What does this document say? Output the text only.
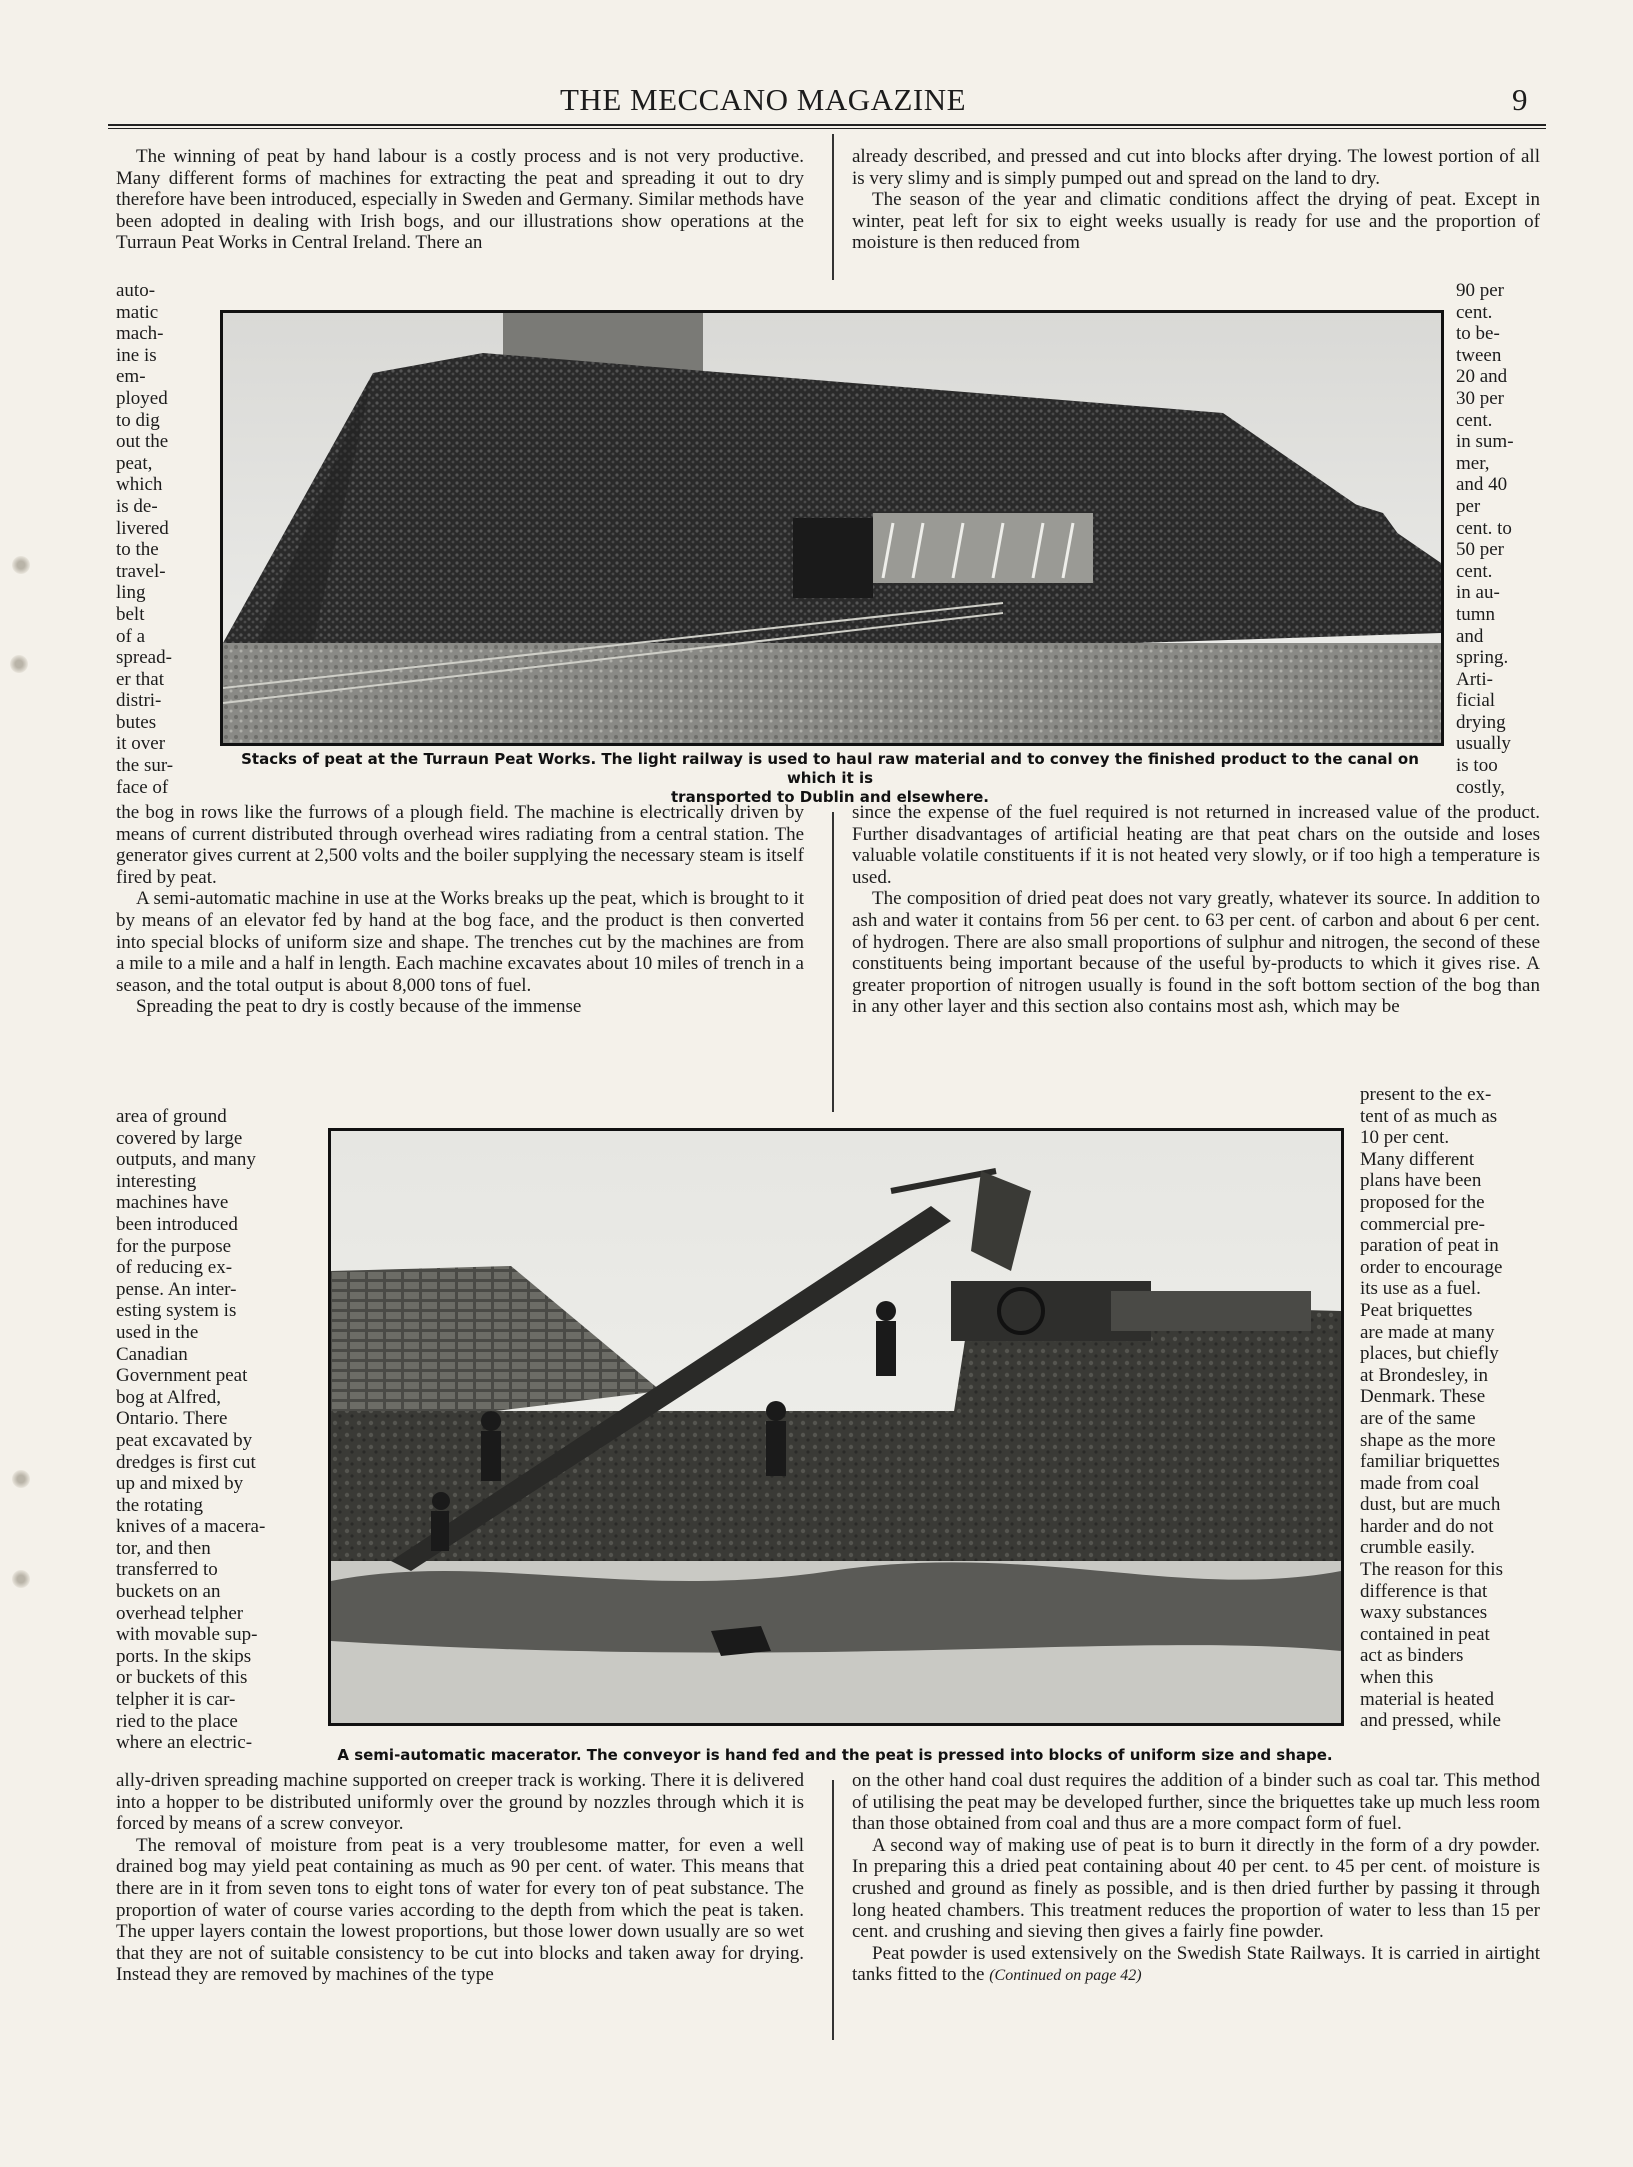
THE MECCANO MAGAZINE	9

The winning of peat by hand labour is a costly process and is not very productive. Many different forms of machines for extracting the peat and spreading it out to dry therefore have been introduced, especially in Sweden and Germany. Similar methods have been adopted in dealing with Irish bogs, and our illustrations show operations at the Turraun Peat Works in Central Ireland. There an

auto-
matic
mach-
ine is
em-
ployed
to dig
out the
peat,
which
is de-
livered
to the
travel-
ling
belt
of a
spread-
er that
distri-
butes
it over
the sur-
face of
Stacks of peat at the Turraun Peat Works. The light railway is used to haul raw material and to convey the finished product to the canal on which it is
transported to Dublin and elsewhere.

already described, and pressed and cut into blocks after drying. The lowest portion of all is very slimy and is simply pumped out and spread on the land to dry.

The season of the year and climatic conditions affect the drying of peat. Except in winter, peat left for six to eight weeks usually is ready for use and the proportion of moisture is then reduced from

90 per
cent.
to be-
tween
20 and
30 per
cent.
in sum-
mer,
and 40
per
cent. to
50 per
cent.
in au-
tumn
and
spring.
Arti-
ficial
drying
usually
is too
costly,

the bog in rows like the furrows of a plough field. The machine is electrically driven by means of current distributed through overhead wires radiating from a central station. The generator gives current at 2,500 volts and the boiler supplying the necessary steam is itself fired by peat.

A semi-automatic machine in use at the Works breaks up the peat, which is brought to it by means of an elevator fed by hand at the bog face, and the product is then converted into special blocks of uniform size and shape. The trenches cut by the machines are from a mile to a mile and a half in length. Each machine excavates about 10 miles of trench in a season, and the total output is about 8,000 tons of fuel.

Spreading the peat to dry is costly because of the immense

since the expense of the fuel required is not returned in increased value of the product. Further disadvantages of artificial heating are that peat chars on the outside and loses valuable volatile constituents if it is not heated very slowly, or if too high a temperature is used.

The composition of dried peat does not vary greatly, whatever its source. In addition to ash and water it contains from 56 per cent. to 63 per cent. of carbon and about 6 per cent. of hydrogen. There are also small proportions of sulphur and nitrogen, the second of these constituents being important because of the useful by-products to which it gives rise. A greater proportion of nitrogen usually is found in the soft bottom section of the bog than in any other layer and this section also contains most ash, which may be

area of ground
covered by large
outputs, and many
interesting
machines have
been introduced
for the purpose
of reducing ex-
pense. An inter-
esting system is
used in the
Canadian
Government peat
bog at Alfred,
Ontario. There
peat excavated by
dredges is first cut
up and mixed by
the rotating
knives of a macera-
tor, and then
transferred to
buckets on an
overhead telpher
with movable sup-
ports. In the skips
or buckets of this
telpher it is car-
ried to the place
where an electric-
present to the ex-
tent of as much as
10 per cent.
Many different
plans have been
proposed for the
commercial pre-
paration of peat in
order to encourage
its use as a fuel.
Peat briquettes
are made at many
places, but chiefly
at Brondesley, in
Denmark. These
are of the same
shape as the more
familiar briquettes
made from coal
dust, but are much
harder and do not
crumble easily.
The reason for this
difference is that
waxy substances
contained in peat
act as binders
when this
material is heated
and pressed, while
A semi-automatic macerator. The conveyor is hand fed and the peat is pressed into blocks of uniform size and shape.

ally-driven spreading machine supported on creeper track is working. There it is delivered into a hopper to be distributed uniformly over the ground by nozzles through which it is forced by means of a screw conveyor.

The removal of moisture from peat is a very troublesome matter, for even a well drained bog may yield peat containing as much as 90 per cent. of water. This means that there are in it from seven tons to eight tons of water for every ton of peat substance. The proportion of water of course varies according to the depth from which the peat is taken. The upper layers contain the lowest proportions, but those lower down usually are so wet that they are not of suitable consistency to be cut into blocks and taken away for drying. Instead they are removed by machines of the type

on the other hand coal dust requires the addition of a binder such as coal tar. This method of utilising the peat may be developed further, since the briquettes take up much less room than those obtained from coal and thus are a more compact form of fuel.

A second way of making use of peat is to burn it directly in the form of a dry powder. In preparing this a dried peat containing about 40 per cent. to 45 per cent. of moisture is crushed and ground as finely as possible, and is then dried further by passing it through long heated chambers. This treatment reduces the proportion of water to less than 15 per cent. and crushing and sieving then gives a fairly fine powder.

Peat powder is used extensively on the Swedish State Railways. It is carried in airtight tanks fitted to the (Continued on page 42)
